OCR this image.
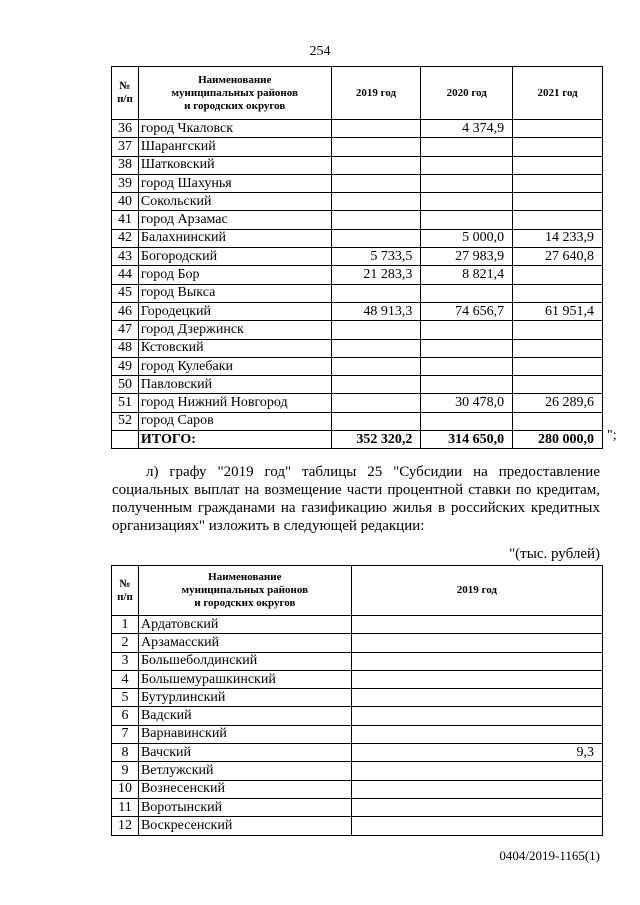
254
№
п/п	Наименование
муниципальных районов
и городских округов	2019 год	2020 год	2021 год
36	город Чкаловск		4 374,9	
37	Шарангский			
38	Шатковский			
39	город Шахунья			
40	Сокольский			
41	город Арзамас			
42	Балахнинский		5 000,0	14 233,9
43	Богородский	5 733,5	27 983,9	27 640,8
44	город Бор	21 283,3	8 821,4	
45	город Выкса			
46	Городецкий	48 913,3	74 656,7	61 951,4
47	город Дзержинск			
48	Кстовский			
49	город Кулебаки			
50	Павловский			
51	город Нижний Новгород		30 478,0	26 289,6
52	город Саров			
	ИТОГО:	352 320,2	314 650,0	280 000,0 ";
л) графу "2019 год" таблицы 25 "Субсидии на предоставление социальных выплат на возмещение части процентной ставки по кредитам, полученным гражданами на газификацию жилья в российских кредитных организациях" изложить в следующей редакции:
"(тыс. рублей)
№
п/п	Наименование
муниципальных районов
и городских округов	2019 год
1	Ардатовский	
2	Арзамасский	
3	Большеболдинский	
4	Большемурашкинский	
5	Бутурлинский	
6	Вадский	
7	Варнавинский	
8	Вачский	9,3
9	Ветлужский	
10	Вознесенский	
11	Воротынский	
12	Воскресенский	
0404/2019-1165(1)
